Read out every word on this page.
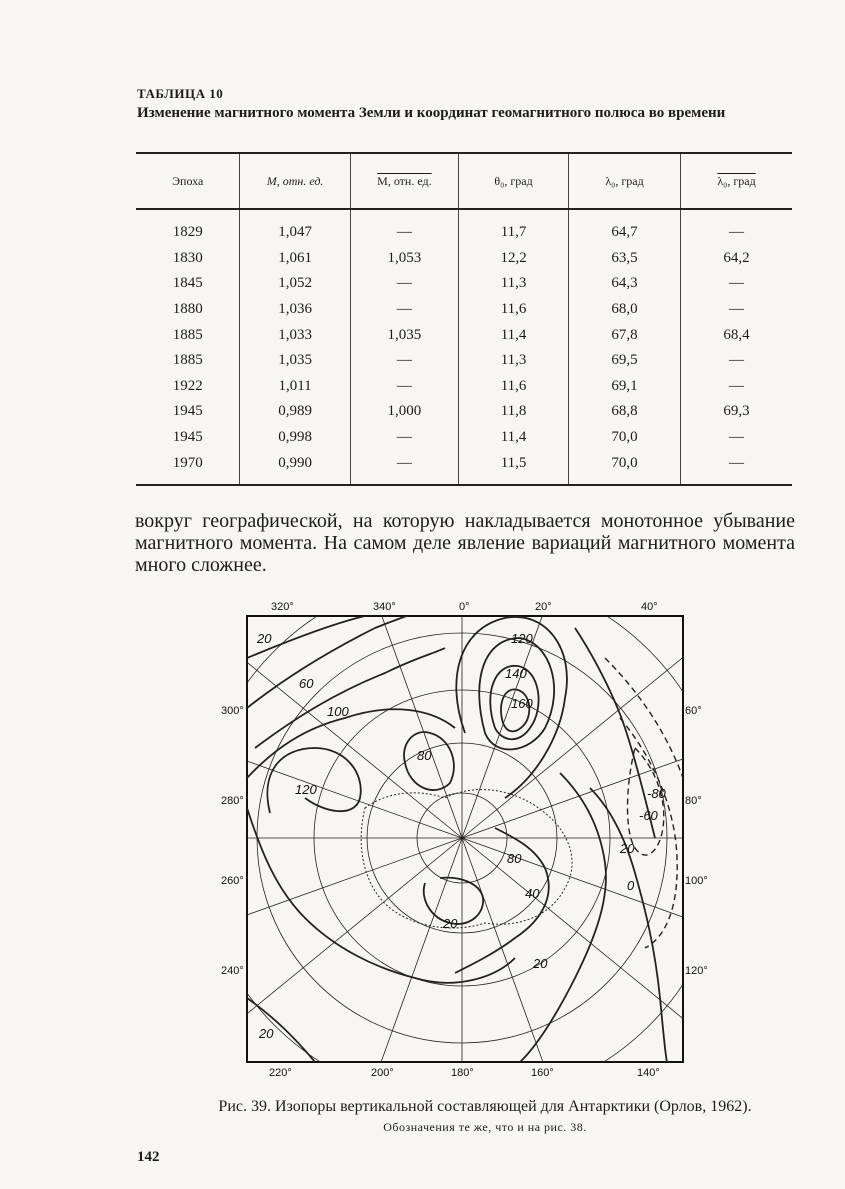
ТАБЛИЦА 10
Изменение магнитного момента Земли и координат геомагнитного полюса во времени
Эпоха	M, отн. ед.	M, отн. ед.	θ₀, град	λ₀, град	λ₀, град
1829	1,047	—	11,7	64,7	—
1830	1,061	1,053	12,2	63,5	64,2
1845	1,052	—	11,3	64,3	—
1880	1,036	—	11,6	68,0	—
1885	1,033	1,035	11,4	67,8	68,4
1885	1,035	—	11,3	69,5	—
1922	1,011	—	11,6	69,1	—
1945	0,989	1,000	11,8	68,8	69,3
1945	0,998	—	11,4	70,0	—
1970	0,990	—	11,5	70,0	—

вокруг географической, на которую накладывается монотонное убывание магнитного момента. На самом деле явление вариаций магнитного момента много сложнее.

20
60
100
120
80
120
140
160
-80
-60
20
0
80
40
20
20
20
320°	340°	0°	20°	40°
220°	200°	180°	160°	140°
300°
280°
260°
240°
60°
80°
100°
120°
Рис. 39. Изопоры вертикальной составляющей для Антарктики (Орлов, 1962).
Обозначения те же, что и на рис. 38.
142
